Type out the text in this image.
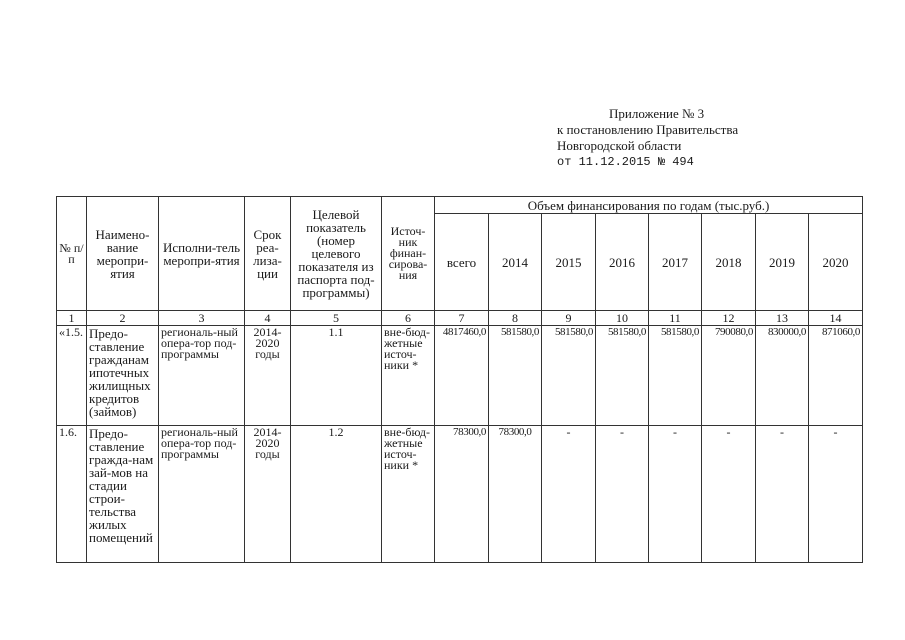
Приложение № 3
к постановлению Правительства
Новгородской области
от 11.12.2015 № 494
№ п/п	Наимено-вание меропри-ятия	Исполни-тель меропри-ятия	Срок реа-лиза-ции	Целевой показатель (номер целевого показателя из паспорта под-программы)	Источ-ник финан-сирова-ния	Объем финансирования по годам (тыс.руб.)							
						всего	2014	2015	2016	2017	2018	2019	2020
1	2	3	4	5	6	7	8	9	10	11	12	13	14
«1.5.	Предо-ставление гражданам ипотечных жилищных кредитов (займов)	региональ-ный опера-тор под-программы	2014-2020 годы	1.1	вне-бюд-жетные источ-ники *	4817460,0	581580,0	581580,0	581580,0	581580,0	790080,0	830000,0	871060,0
1.6.	Предо-ставление гражда-нам зай-мов на стадии строи-тельства жилых помещений	региональ-ный опера-тор под-программы	2014-2020 годы	1.2	вне-бюд-жетные источ-ники *	78300,0	78300,0	-	-	-	-	-	-
